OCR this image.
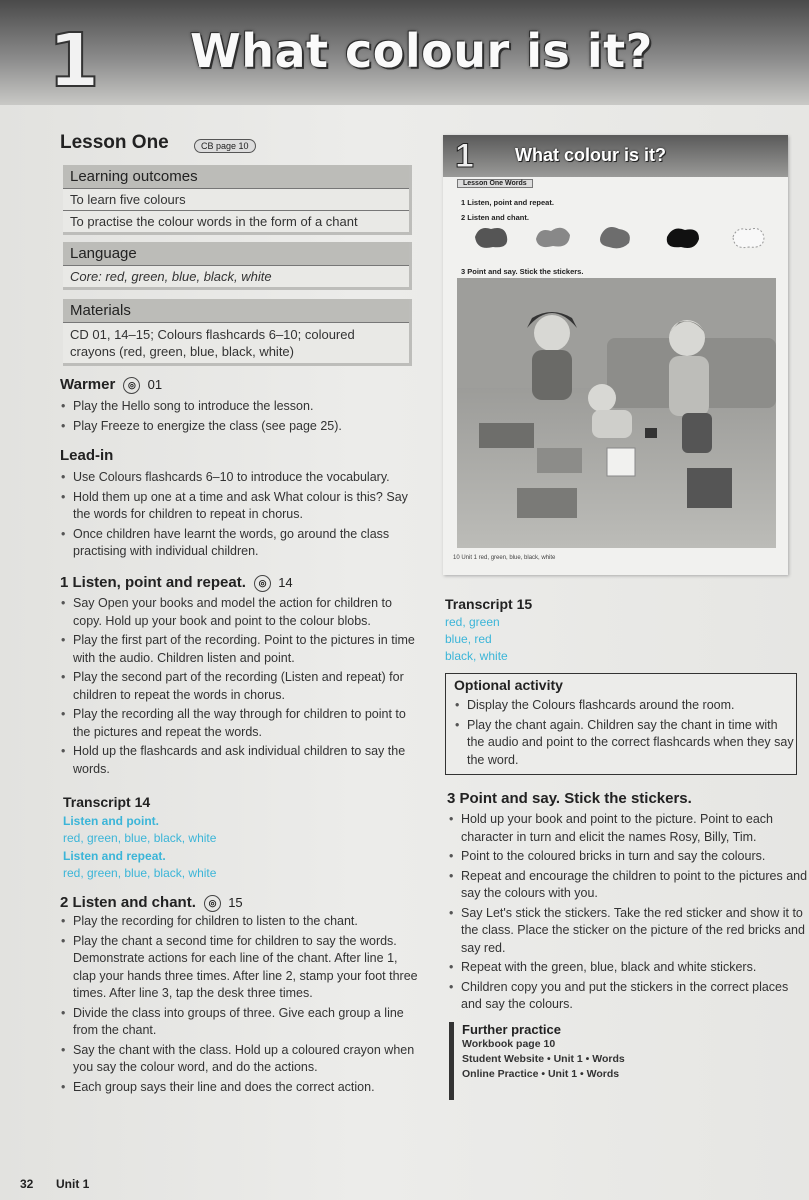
1 What colour is it?
Lesson One	CB page 10
Learning outcomes
To learn five colours
To practise the colour words in the form of a chant
Language
Core: red, green, blue, black, white
Materials
CD 01, 14–15; Colours flashcards 6–10; coloured crayons (red, green, blue, black, white)
Warmer ◎ 01
• Play the Hello song to introduce the lesson.
• Play Freeze to energize the class (see page 25).
Lead-in
• Use Colours flashcards 6–10 to introduce the vocabulary.
• Hold them up one at a time and ask What colour is this? Say the words for children to repeat in chorus.
• Once children have learnt the words, go around the class practising with individual children.
1 Listen, point and repeat. ◎ 14
• Say Open your books and model the action for children to copy. Hold up your book and point to the colour blobs.
• Play the first part of the recording. Point to the pictures in time with the audio. Children listen and point.
• Play the second part of the recording (Listen and repeat) for children to repeat the words in chorus.
• Play the recording all the way through for children to point to the pictures and repeat the words.
• Hold up the flashcards and ask individual children to say the words.
Transcript 14
Listen and point.
red, green, blue, black, white
Listen and repeat.
red, green, blue, black, white
2 Listen and chant. ◎ 15
• Play the recording for children to listen to the chant.
• Play the chant a second time for children to say the words. Demonstrate actions for each line of the chant. After line 1, clap your hands three times. After line 2, stamp your foot three times. After line 3, tap the desk three times.
• Divide the class into groups of three. Give each group a line from the chant.
• Say the chant with the class. Hold up a coloured crayon when you say the colour word, and do the actions.
• Each group says their line and does the correct action.
1 What colour is it?
Lesson One Words
1 Listen, point and repeat.
2 Listen and chant.
3 Point and say. Stick the stickers.
10 Unit 1 red, green, blue, black, white
Transcript 15
red, green
blue, red
black, white
Optional activity
• Display the Colours flashcards around the room.
• Play the chant again. Children say the chant in time with the audio and point to the correct flashcards when they say the word.
3 Point and say. Stick the stickers.
• Hold up your book and point to the picture. Point to each character in turn and elicit the names Rosy, Billy, Tim.
• Point to the coloured bricks in turn and say the colours.
• Repeat and encourage the children to point to the pictures and say the colours with you.
• Say Let's stick the stickers. Take the red sticker and show it to the class. Place the sticker on the picture of the red bricks and say red.
• Repeat with the green, blue, black and white stickers.
• Children copy you and put the stickers in the correct places and say the colours.
Further practice
Workbook page 10
Student Website • Unit 1 • Words
Online Practice • Unit 1 • Words
32 Unit 1
